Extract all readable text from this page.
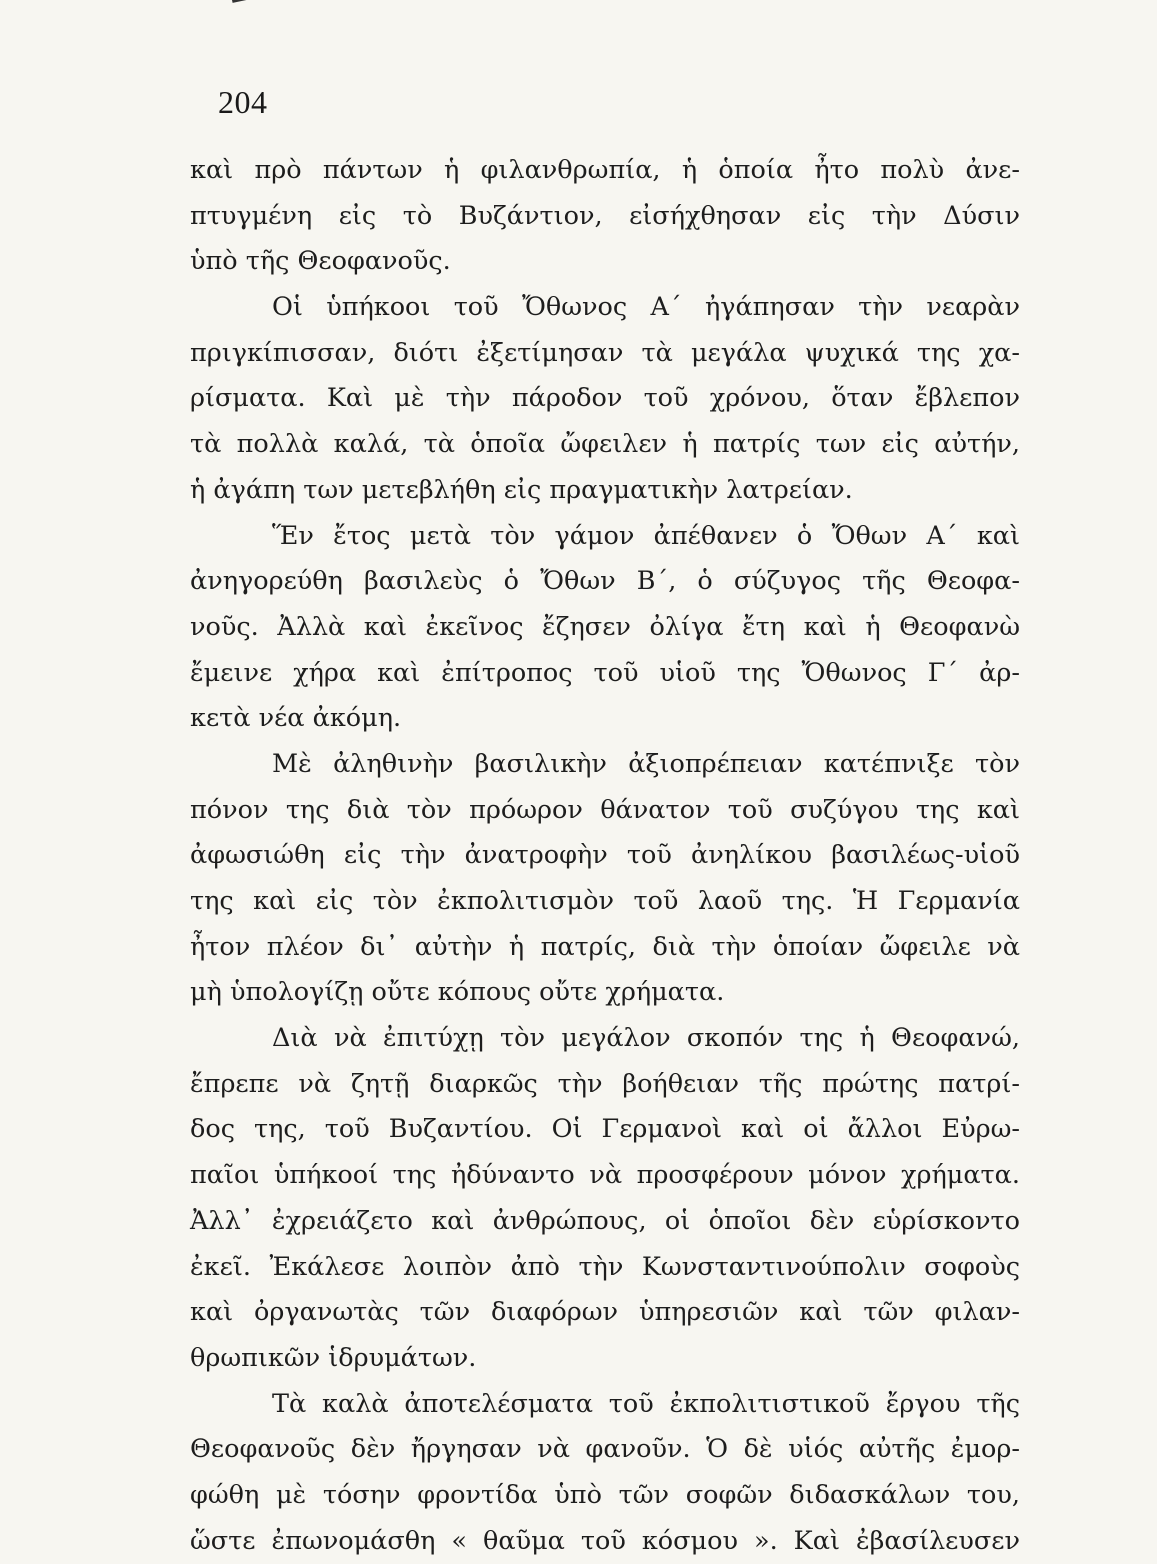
204
καὶ πρὸ πάντων ἡ φιλανθρωπία, ἡ ὁποία ἦτο πολὺ ἀνε-
πτυγμένη εἰς τὸ Βυζάντιον, εἰσήχθησαν εἰς τὴν Δύσιν
ὑπὸ τῆς Θεοφανοῦς.
Οἱ ὑπήκοοι τοῦ Ὄθωνος Α΄ ἠγάπησαν τὴν νεαρὰν
πριγκίπισσαν, διότι ἐξετίμησαν τὰ μεγάλα ψυχικά της χα-
ρίσματα. Καὶ μὲ τὴν πάροδον τοῦ χρόνου, ὅταν ἔβλεπον
τὰ πολλὰ καλά, τὰ ὁποῖα ὤφειλεν ἡ πατρίς των εἰς αὐτήν,
ἡ ἀγάπη των μετεβλήθη εἰς πραγματικὴν λατρείαν.
Ἕν ἔτος μετὰ τὸν γάμον ἀπέθανεν ὁ Ὄθων Α΄ καὶ
ἀνηγορεύθη βασιλεὺς ὁ Ὄθων Β΄, ὁ σύζυγος τῆς Θεοφα-
νοῦς. Ἀλλὰ καὶ ἐκεῖνος ἔζησεν ὀλίγα ἔτη καὶ ἡ Θεοφανὼ
ἔμεινε χήρα καὶ ἐπίτροπος τοῦ υἱοῦ της Ὄθωνος Γ΄ ἀρ-
κετὰ νέα ἀκόμη.
Μὲ ἀληθινὴν βασιλικὴν ἀξιοπρέπειαν κατέπνιξε τὸν
πόνον της διὰ τὸν πρόωρον θάνατον τοῦ συζύγου της καὶ
ἀφωσιώθη εἰς τὴν ἀνατροφὴν τοῦ ἀνηλίκου βασιλέως-υἱοῦ
της καὶ εἰς τὸν ἐκπολιτισμὸν τοῦ λαοῦ της. Ἡ Γερμανία
ἦτον πλέον δι᾽ αὐτὴν ἡ πατρίς, διὰ τὴν ὁποίαν ὤφειλε νὰ
μὴ ὑπολογίζῃ οὔτε κόπους οὔτε χρήματα.
Διὰ νὰ ἐπιτύχῃ τὸν μεγάλον σκοπόν της ἡ Θεοφανώ,
ἔπρεπε νὰ ζητῇ διαρκῶς τὴν βοήθειαν τῆς πρώτης πατρί-
δος της, τοῦ Βυζαντίου. Οἱ Γερμανοὶ καὶ οἱ ἄλλοι Εὐρω-
παῖοι ὑπήκοοί της ἠδύναντο νὰ προσφέρουν μόνον χρήματα.
Ἀλλ᾽ ἐχρειάζετο καὶ ἀνθρώπους, οἱ ὁποῖοι δὲν εὑρίσκοντο
ἐκεῖ. Ἐκάλεσε λοιπὸν ἀπὸ τὴν Κωνσταντινούπολιν σοφοὺς
καὶ ὀργανωτὰς τῶν διαφόρων ὑπηρεσιῶν καὶ τῶν φιλαν-
θρωπικῶν ἱδρυμάτων.
Τὰ καλὰ ἀποτελέσματα τοῦ ἐκπολιτιστικοῦ ἔργου τῆς
Θεοφανοῦς δὲν ἤργησαν νὰ φανοῦν. Ὁ δὲ υἱός αὐτῆς ἐμορ-
φώθη μὲ τόσην φροντίδα ὑπὸ τῶν σοφῶν διδασκάλων του,
ὥστε ἐπωνομάσθη « θαῦμα τοῦ κόσμου ». Καὶ ἐβασίλευσεν
